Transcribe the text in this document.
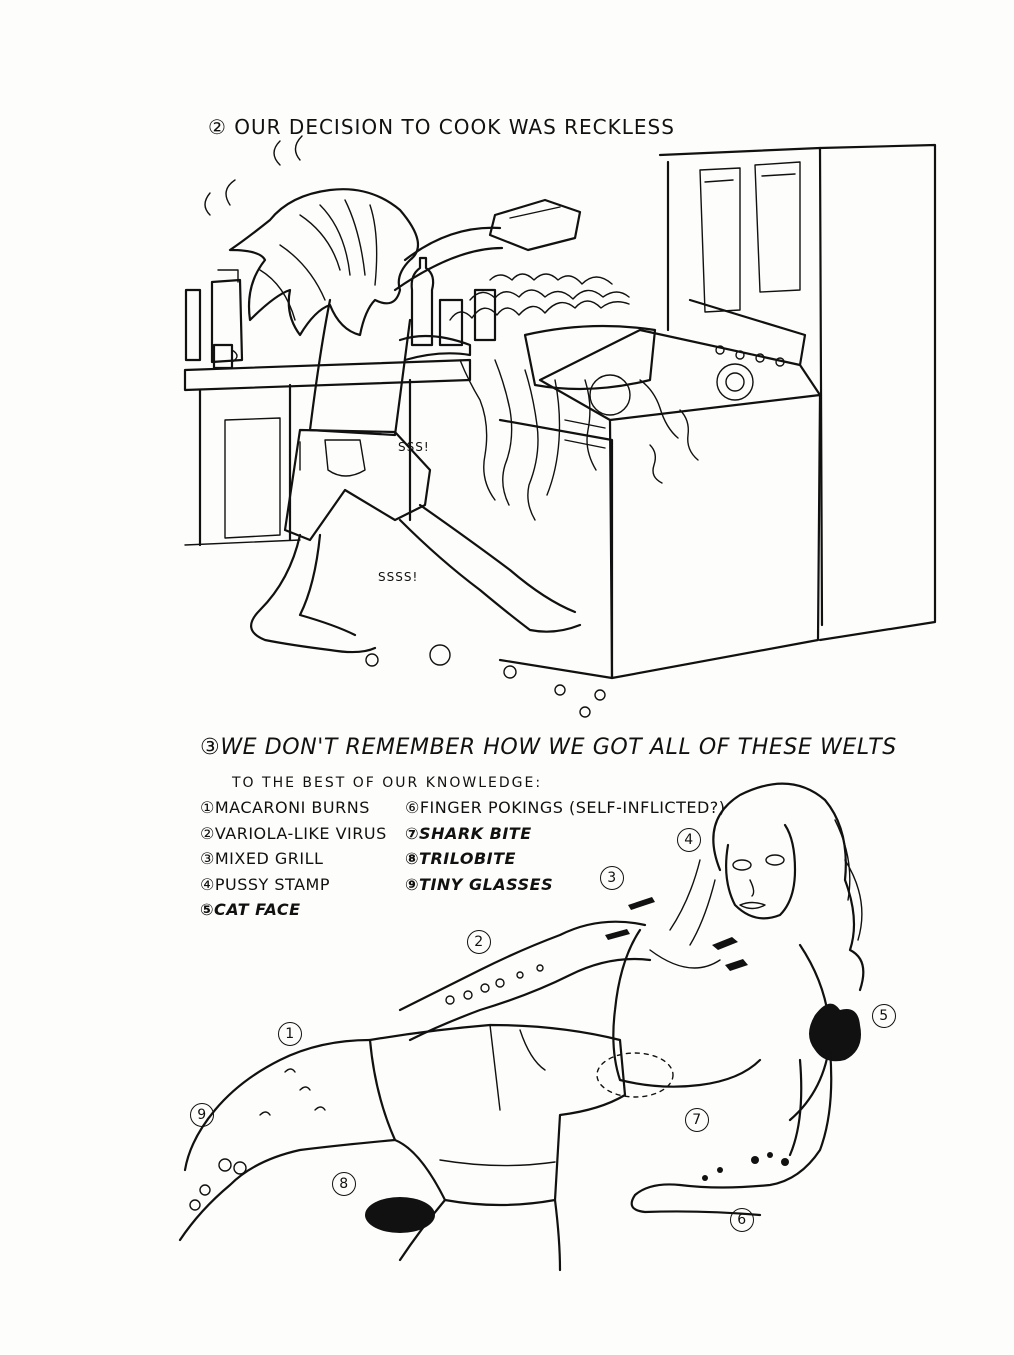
② OUR DECISION TO COOK WAS RECKLESS
SSS!
SSSS!
③WE DON'T REMEMBER HOW WE GOT ALL OF THESE WELTS
TO THE BEST OF OUR KNOWLEDGE:
①MACARONI BURNS
②VARIOLA-LIKE VIRUS
③MIXED GRILL
④PUSSY STAMP
⑤CAT FACE
⑥FINGER POKINGS (SELF-INFLICTED?)
⑦SHARK BITE
⑧TRILOBITE
⑨TINY GLASSES
1
2
3
4
5
6
7
8
9
